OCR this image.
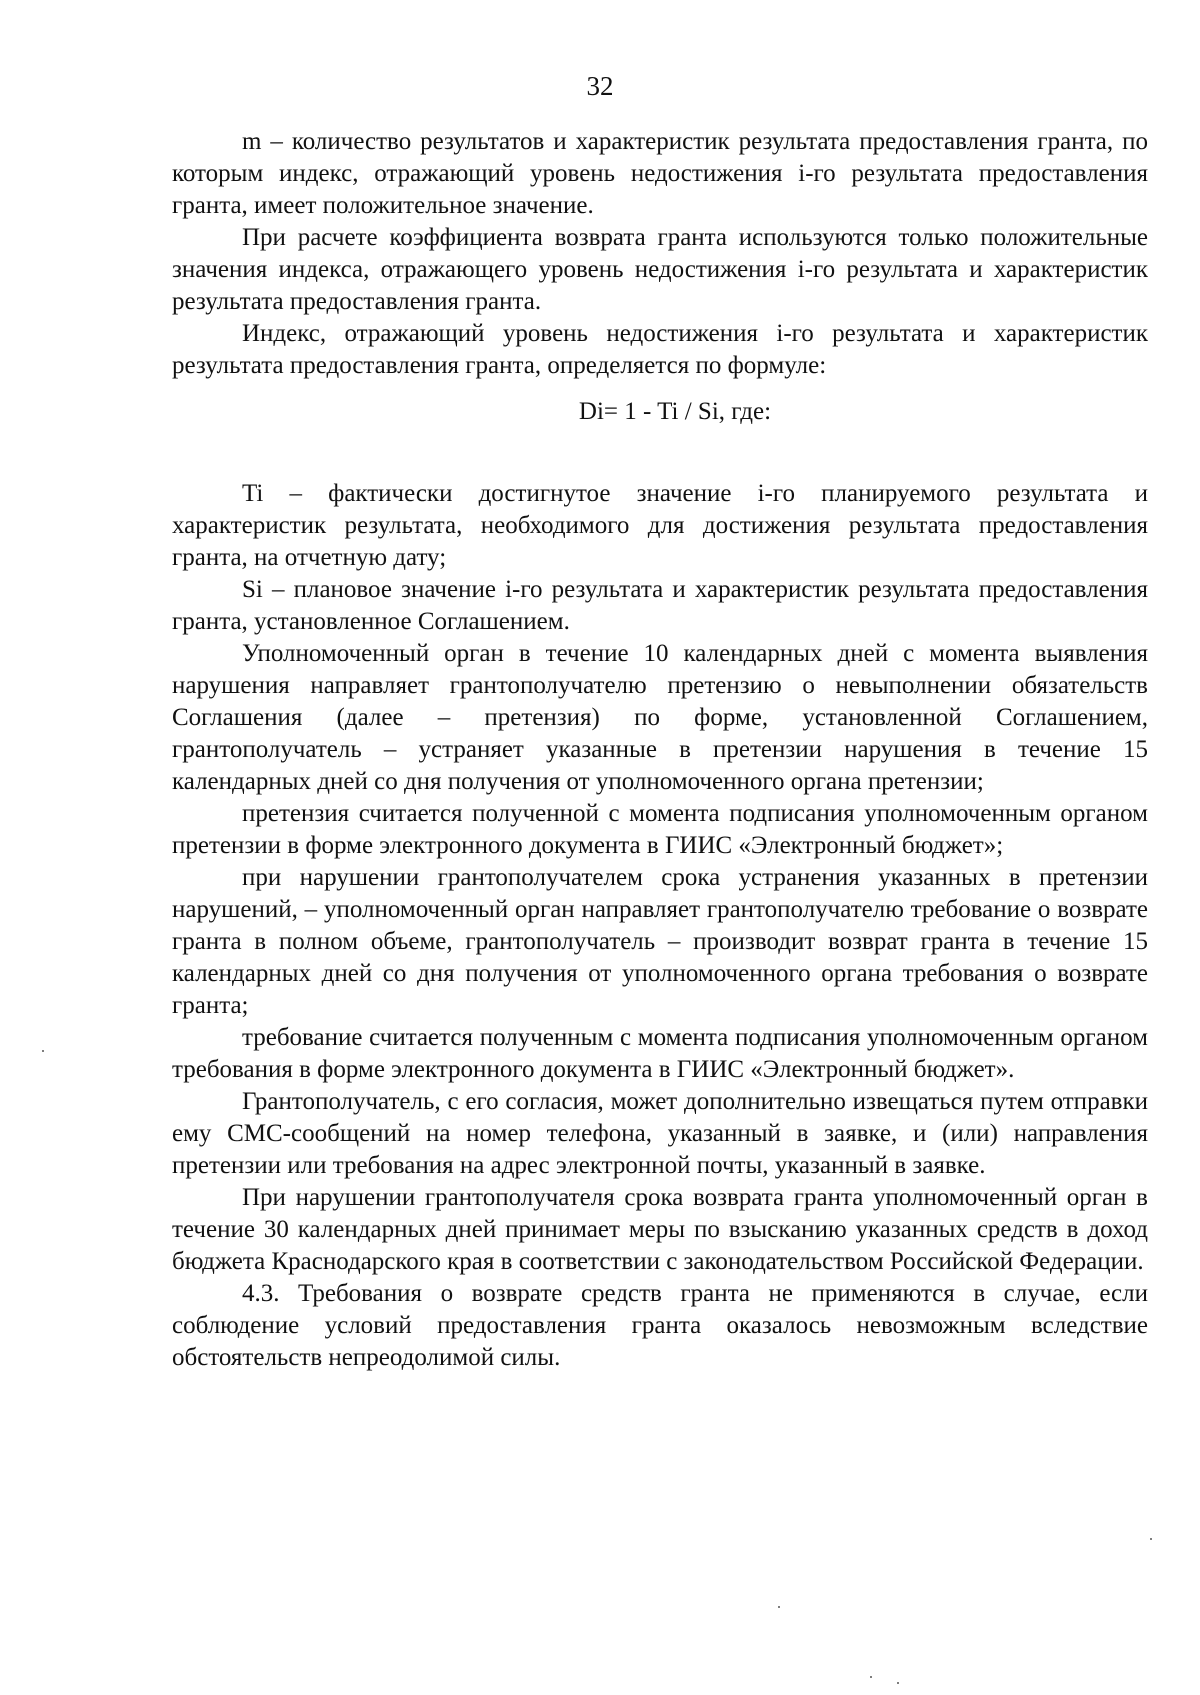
32

m – количество результатов и характеристик результата предоставления гранта, по которым индекс, отражающий уровень недостижения i-го результата предоставления гранта, имеет положительное значение.

При расчете коэффициента возврата гранта используются только положительные значения индекса, отражающего уровень недостижения i-го результата и характеристик результата предоставления гранта.

Индекс, отражающий уровень недостижения i-го результата и характеристик результата предоставления гранта, определяется по формуле:

Di= 1 - Ti / Si, где:

Ti – фактически достигнутое значение i-го планируемого результата и характеристик результата, необходимого для достижения результата предоставления гранта, на отчетную дату;

Si – плановое значение i-го результата и характеристик результата предоставления гранта, установленное Соглашением.

Уполномоченный орган в течение 10 календарных дней с момента выявления нарушения направляет грантополучателю претензию о невыполнении обязательств Соглашения (далее – претензия) по форме, установленной Соглашением, грантополучатель – устраняет указанные в претензии нарушения в течение 15 календарных дней со дня получения от уполномоченного органа претензии;

претензия считается полученной с момента подписания уполномоченным органом претензии в форме электронного документа в ГИИС «Электронный бюджет»;

при нарушении грантополучателем срока устранения указанных в претензии нарушений, – уполномоченный орган направляет грантополучателю требование о возврате гранта в полном объеме, грантополучатель – производит возврат гранта в течение 15 календарных дней со дня получения от уполномоченного органа требования о возврате гранта;

требование считается полученным с момента подписания уполномоченным органом требования в форме электронного документа в ГИИС «Электронный бюджет».

Грантополучатель, с его согласия, может дополнительно извещаться путем отправки ему СМС-сообщений на номер телефона, указанный в заявке, и (или) направления претензии или требования на адрес электронной почты, указанный в заявке.

При нарушении грантополучателя срока возврата гранта уполномоченный орган в течение 30 календарных дней принимает меры по взысканию указанных средств в доход бюджета Краснодарского края в соответствии с законодательством Российской Федерации.

4.3. Требования о возврате средств гранта не применяются в случае, если соблюдение условий предоставления гранта оказалось невозможным вследствие обстоятельств непреодолимой силы.
